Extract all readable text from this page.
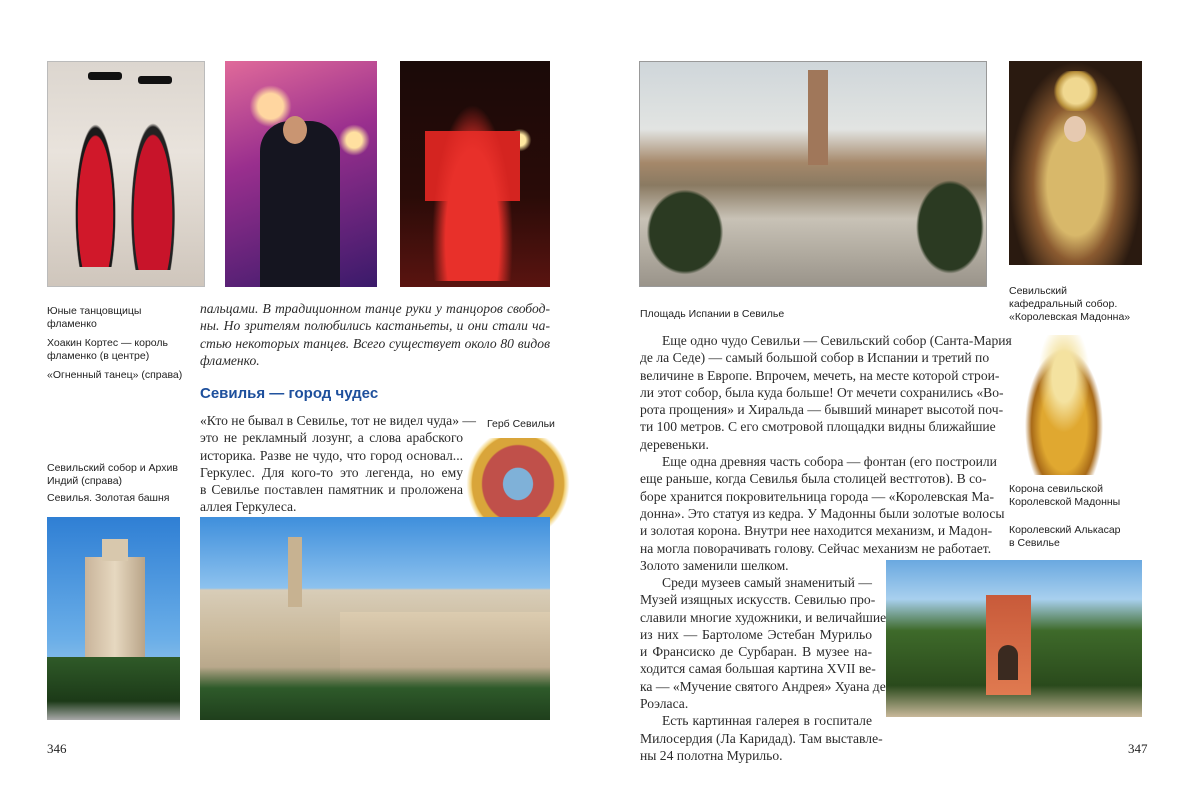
Юные танцовщицы
фламенко
Хоакин Кортес — король
фламенко (в центре)
«Огненный танец» (справа)
пальцами. В традиционном танце руки у танцоров свобод-
ны. Но зрителям полюбились кастаньеты, и они стали ча-
стью некоторых танцев. Всего существует около 80 видов
фламенко.
Севилья — город чудес
«Кто не бывал в Севилье, тот не видел чуда» —
это не рекламный лозунг, а слова арабского
историка. Разве не чудо, что город основал...
Геркулес. Для кого-то это легенда, но ему
в Севилье поставлен памятник и проложена
аллея Геркулеса.
Герб Севильи
Севильский собор и Архив
Индий (справа)
Севилья. Золотая башня
346
Площадь Испании в Севилье
Севильский
кафедральный собор.
«Королевская Мадонна»
Еще одно чудо Севильи — Севильский собор (Санта-Мария
де ла Седе) — самый большой собор в Испании и третий по
величине в Европе. Впрочем, мечеть, на месте которой строи-
ли этот собор, была куда больше! От мечети сохранились «Во-
рота прощения» и Хиральда — бывший минарет высотой поч-
ти 100 метров. С его смотровой площадки видны ближайшие
деревеньки.
Еще одна древняя часть собора — фонтан (его построили
еще раньше, когда Севилья была столицей вестготов). В со-
боре хранится покровительница города — «Королевская Ма-
донна». Это статуя из кедра. У Мадонны были золотые волосы
и золотая корона. Внутри нее находится механизм, и Мадон-
на могла поворачивать голову. Сейчас механизм не работает.
Золото заменили шелком.
Среди музеев самый знаменитый —
Музей изящных искусств. Севилью про-
славили многие художники, и величайшие
из них — Бартоломе Эстебан Мурильо
и Франсиско де Сурбаран. В музее на-
ходится самая большая картина XVII ве-
ка — «Мучение святого Андрея» Хуана де
Роэласа.
Есть картинная галерея в госпитале
Милосердия (Ла Каридад). Там выставле-
ны 24 полотна Мурильо.
Корона севильской
Королевской Мадонны
Королевский Алькасар
в Севилье
347
